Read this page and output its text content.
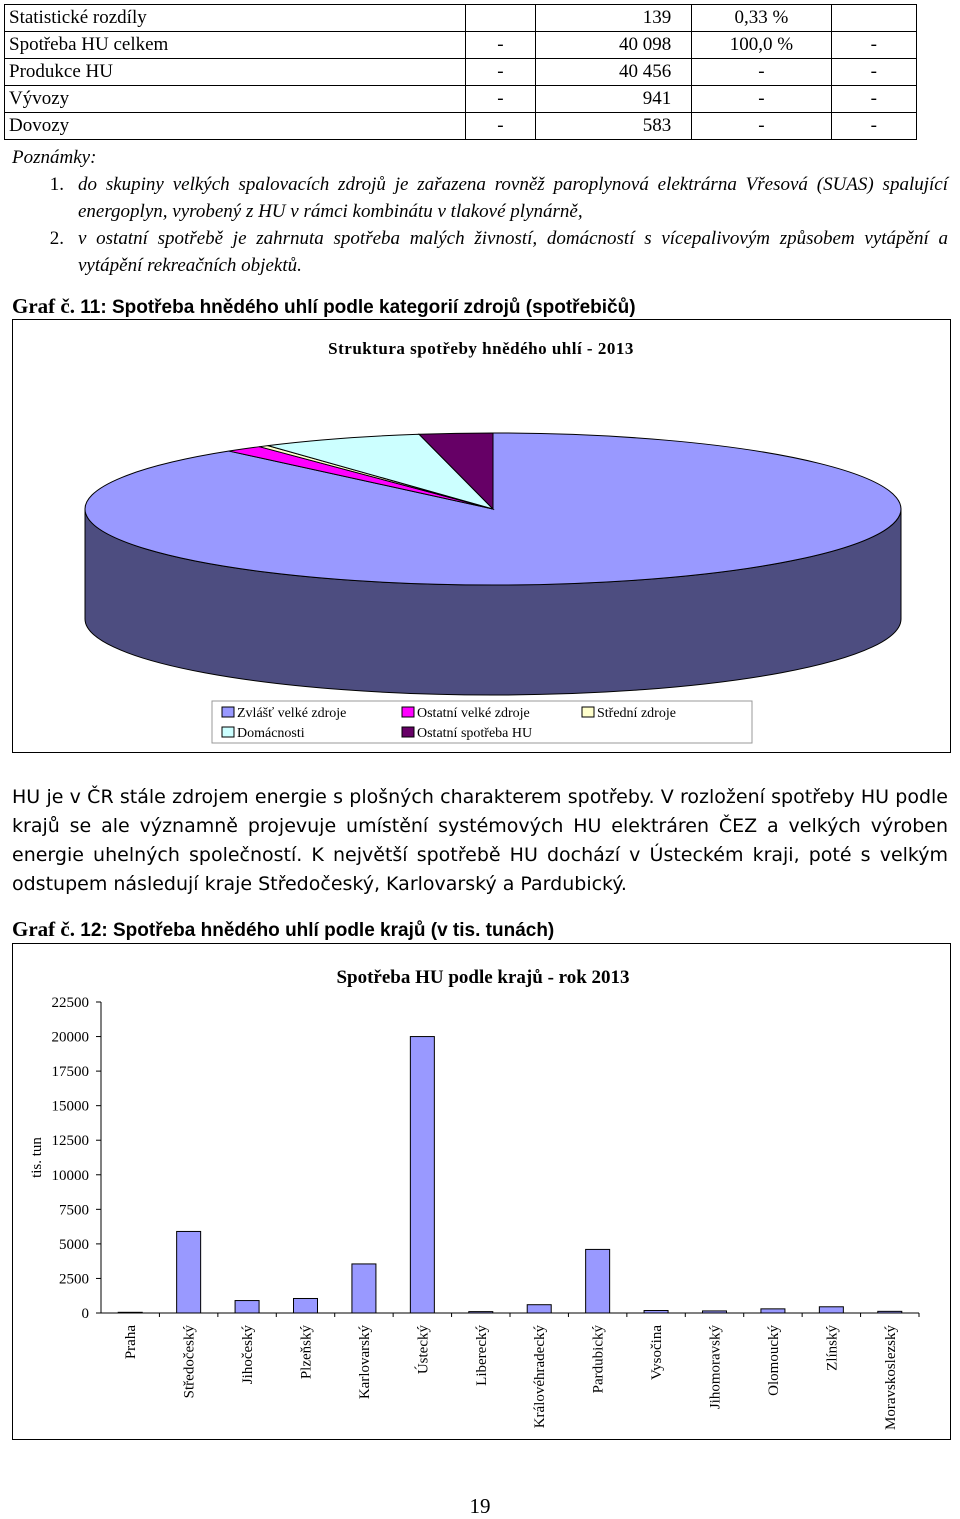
Statistické rozdíly		139	0,33 %	
Spotřeba HU celkem	-	40 098	100,0 %	-
Produkce HU	-	40 456	-	-
Vývozy	-	941	-	-
Dovozy	-	583	-	-
Poznámky:
1. do skupiny velkých spalovacích zdrojů je zařazena rovněž paroplynová elektrárna Vřesová (SUAS) spalující energoplyn, vyrobený z HU v rámci kombinátu v tlakové plynárně,
2. v ostatní spotřebě je zahrnuta spotřeba malých živností, domácností s vícepalivovým způsobem vytápění a vytápění rekreačních objektů.
Graf č. 11: Spotřeba hnědého uhlí podle kategorií zdrojů (spotřebičů)
Struktura spotřeby hnědého uhlí - 2013
Zvlášť velké zdroje	Ostatní velké zdroje	Střední zdroje
Domácnosti	Ostatní spotřeba HU
HU je v ČR stále zdrojem energie s plošných charakterem spotřeby. V rozložení spotřeby HU podle krajů se ale významně projevuje umístění systémových HU elektráren ČEZ a velkých výroben energie uhelných společností. K největší spotřebě HU dochází v Ústeckém kraji, poté s velkým odstupem následují kraje Středočeský, Karlovarský a Pardubický.
Graf č. 12: Spotřeba hnědého uhlí podle krajů (v tis. tunách)
Spotřeba HU podle krajů - rok 2013
0
2500
5000
7500
10000
12500
15000
17500
20000
22500
tis. tun
Praha	Středočeský	Jihočeský	Plzeňský	Karlovarský	Ústecký	Liberecký	Královéhradecký	Pardubický	Vysočina	Jihomoravský	Olomoucký	Zlínský	Moravskoslezský
19
